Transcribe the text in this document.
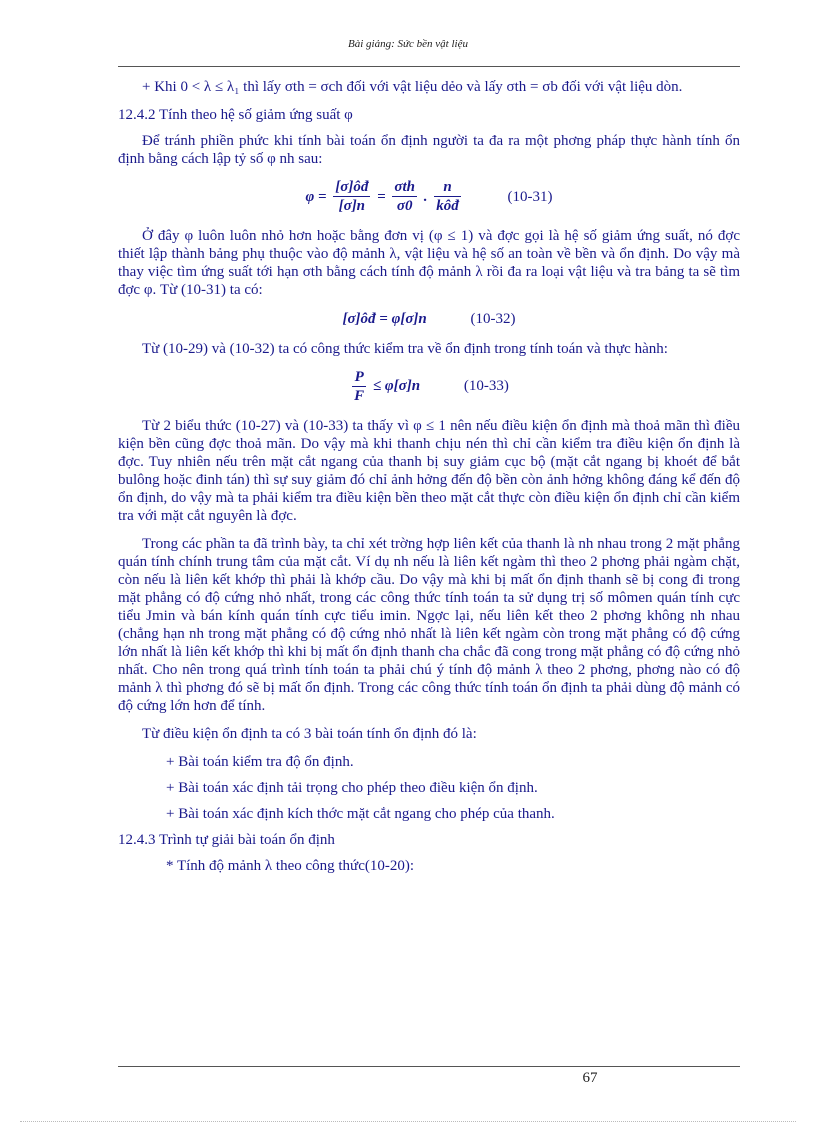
Bài giảng: Sức bền vật liệu

+ Khi 0 < λ ≤ λ₁ thì lấy σth = σch đối với vật liệu dẻo và lấy σth = σb đối với vật liệu dòn.

12.4.2 Tính theo hệ số giảm ứng suất φ

Để tránh phiền phức khi tính bài toán ổn định người ta đa ra một phơng pháp thực hành tính ổn định bằng cách lập tỷ số φ nh sau:

$\varphi = \frac{[\sigma]ôđ}{[\sigma]n} = \frac{\text{σth}}{\sigma 0}$ . $\frac{n}{\text{kôđ}}$	(10-31)

Ở đây φ luôn luôn nhỏ hơn hoặc bằng đơn vị (φ ≤ 1) và đợc gọi là hệ số giảm ứng suất, nó đợc thiết lập thành bảng phụ thuộc vào độ mảnh λ, vật liệu và hệ số an toàn về bền và ổn định. Do vậy mà thay việc tìm ứng suất tới hạn σth bằng cách tính độ mảnh λ rồi đa ra loại vật liệu và tra bảng ta sẽ tìm đợc φ. Từ (10-31) ta có:

[σ]ôđ = φ[σ]n	(10-32)

Từ (10-29) và (10-32) ta có công thức kiểm tra về ổn định trong tính toán và thực hành:

$\frac{P}{F} \le \varphi[\sigma]n$	(10-33)

Từ 2 biểu thức (10-27) và (10-33) ta thấy vì φ ≤ 1 nên nếu điều kiện ổn định mà thoả mãn thì điều kiện bền cũng đợc thoả mãn. Do vậy mà khi thanh chịu nén thì chỉ cần kiểm tra điều kiện ổn định là đợc. Tuy nhiên nếu trên mặt cắt ngang của thanh bị suy giảm cục bộ (mặt cắt ngang bị khoét để bắt bulông hoặc đinh tán) thì sự suy giảm đó chỉ ảnh hởng đến độ bền còn ảnh hởng không đáng kể đến độ ổn định, do vậy mà ta phải kiểm tra điều kiện bền theo mặt cắt thực còn điều kiện ổn định chỉ cần kiểm tra với mặt cắt nguyên là đợc.

Trong các phần ta đã trình bày, ta chỉ xét trờng hợp liên kết của thanh là nh nhau trong 2 mặt phẳng quán tính chính trung tâm của mặt cắt. Ví dụ nh nếu là liên kết ngàm thì theo 2 phơng phải ngàm chặt, còn nếu là liên kết khớp thì phải là khớp cầu. Do vậy mà khi bị mất ổn định thanh sẽ bị cong đi trong mặt phẳng có độ cứng nhỏ nhất, trong các công thức tính toán ta sử dụng trị số mômen quán tính cực tiểu Jmin và bán kính quán tính cực tiểu imin. Ngợc lại, nếu liên kết theo 2 phơng không nh nhau (chẳng hạn nh trong mặt phẳng có độ cứng nhỏ nhất là liên kết ngàm còn trong mặt phẳng có độ cứng lớn nhất là liên kết khớp thì khi bị mất ổn định thanh cha chắc đã cong trong mặt phẳng có độ cứng nhỏ nhất. Cho nên trong quá trình tính toán ta phải chú ý tính độ mảnh λ theo 2 phơng, phơng nào có độ mảnh λ thì phơng đó sẽ bị mất ổn định. Trong các công thức tính toán ổn định ta phải dùng độ mảnh có độ cứng lớn hơn để tính.

Từ điều kiện ổn định ta có 3 bài toán tính ổn định đó là:

+ Bài toán kiểm tra độ ổn định.

+ Bài toán xác định tải trọng cho phép theo điều kiện ổn định.

+ Bài toán xác định kích thớc mặt cắt ngang cho phép của thanh.

12.4.3 Trình tự giải bài toán ổn định

* Tính độ mảnh λ theo công thức(10-20):

67
